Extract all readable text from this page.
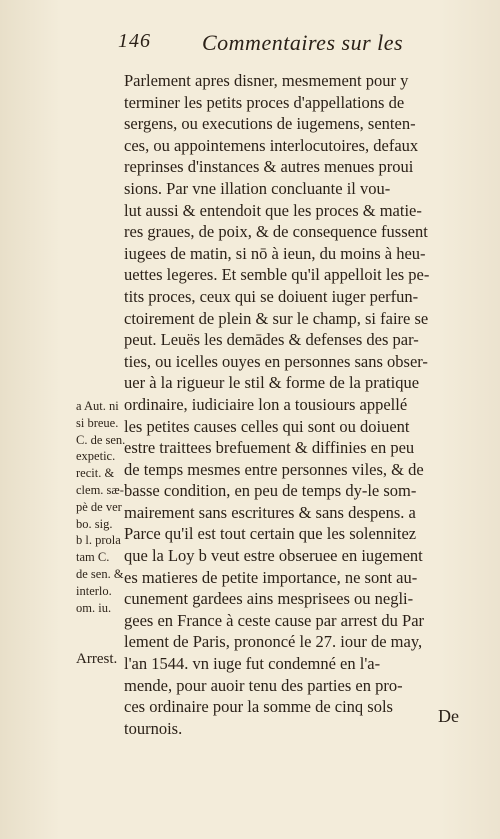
146 Commentaires sur les
Parlement apres disner, mesmement pour y
terminer les petits proces d'appellations de
sergens, ou executions de iugemens, senten-
ces, ou appointemens interlocutoires, defaux
reprinses d'instances & autres menues proui
sions. Par vne illation concluante il vou-
lut aussi & entendoit que les proces & matie-
res graues, de poix, & de consequence fussent
iugees de matin, si nō à ieun, du moins à heu-
uettes legeres. Et semble qu'il appelloit les pe-
tits proces, ceux qui se doiuent iuger perfun-
ctoirement de plein & sur le champ, si faire se
peut. Leuës les demādes & defenses des par-
ties, ou icelles ouyes en personnes sans obser-
uer à la rigueur le stil & forme de la pratique
ordinaire, iudiciaire lon a tousiours appellé
les petites causes celles qui sont ou doiuent
estre traittees brefuement & diffinies en peu
de temps mesmes entre personnes viles, & de
basse condition, en peu de temps dy-le som-
mairement sans escritures & sans despens. a
Parce qu'il est tout certain que les solennitez
que la Loy b veut estre obseruee en iugement
es matieres de petite importance, ne sont au-
cunement gardees ains mesprisees ou negli-
gees en France à ceste cause par arrest du Par
lement de Paris, prononcé le 27. iour de may,
l'an 1544. vn iuge fut condemné en l'a-
mende, pour auoir tenu des parties en pro-
ces ordinaire pour la somme de cinq sols
tournois.
a Aut. ni
si breue.
C. de sen.
expetic.
recit. &
clem. sæ-
pè de ver
bo. sig.
b l. prola
tam C.
de sen. &
interlo.
om. iu.
Arrest.
De
